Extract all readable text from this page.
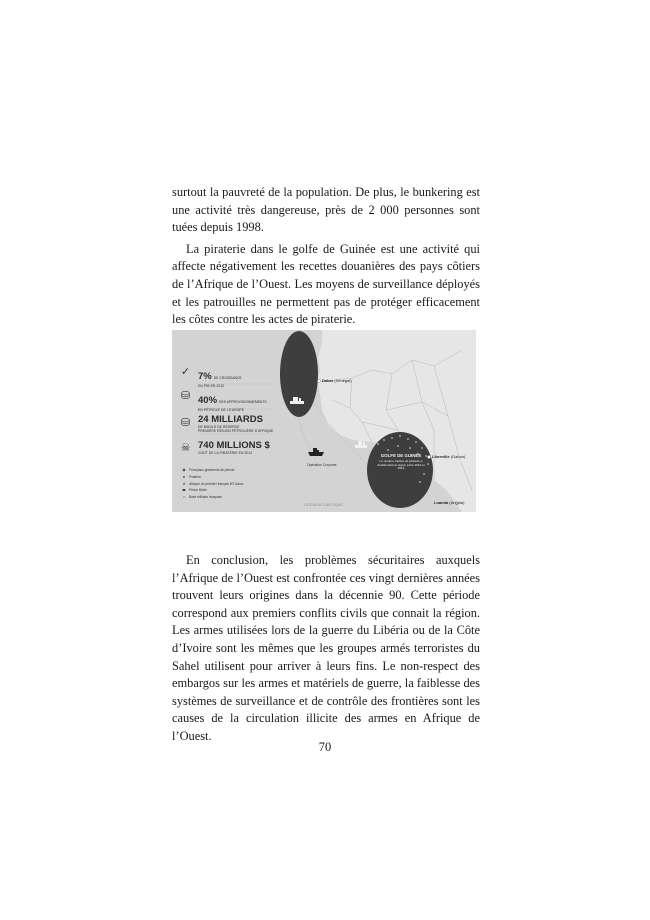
surtout la pauvreté de la population. De plus, le bunkering est une activité très dangereuse, près de 2 000 personnes sont tuées depuis 1998.

La piraterie dans le golfe de Guinée est une activité qui affecte négativement les recettes douanières des pays côtiers de l’Afrique de l’Ouest. Les moyens de surveillance déployés et les patrouilles ne permettent pas de protéger efficacement les côtes contre les actes de piraterie.

✓ 7% DE CROISSANCE
DU PIB EN 2012
⛁ 40% DES APPROVISIONNEMENTS
EN PÉTROLE DE L'EUROPE
⛁ 24 MILLIARDS
DE BARILS DE RÉSERVE
PREMIÈRE RÉGION PÉTROLIÈRE D'AFRIQUE
☠ 740 MILLIONS $
COÛT DE LA PIRATERIE EN 2012
◉ Principaux gisements de pétrole
● Piraterie
♦ Attaque du pétrolier français MT Adour
⬬ Pêche illicite
○ Base militaire française
Dakar (Sénégal)
Libreville (Gabon)
Luanda (Angola)
Opération Corymbe
GOLFE DE GUINÉE
Le nombre d'actes de piraterie a doublé dans la région entre 2010 et 2012
OCÉAN ATLANTIQUE

En conclusion, les problèmes sécuritaires auxquels l’Afrique de l’Ouest est confrontée ces vingt dernières années trouvent leurs origines dans la décennie 90. Cette période correspond aux premiers conflits civils que connait la région. Les armes utilisées lors de la guerre du Libéria ou de la Côte d’Ivoire sont les mêmes que les groupes armés terroristes du Sahel utilisent pour arriver à leurs fins. Le non-respect des embargos sur les armes et matériels de guerre, la faiblesse des systèmes de surveillance et de contrôle des frontières sont les causes de la circulation illicite des armes en Afrique de l’Ouest.

70
